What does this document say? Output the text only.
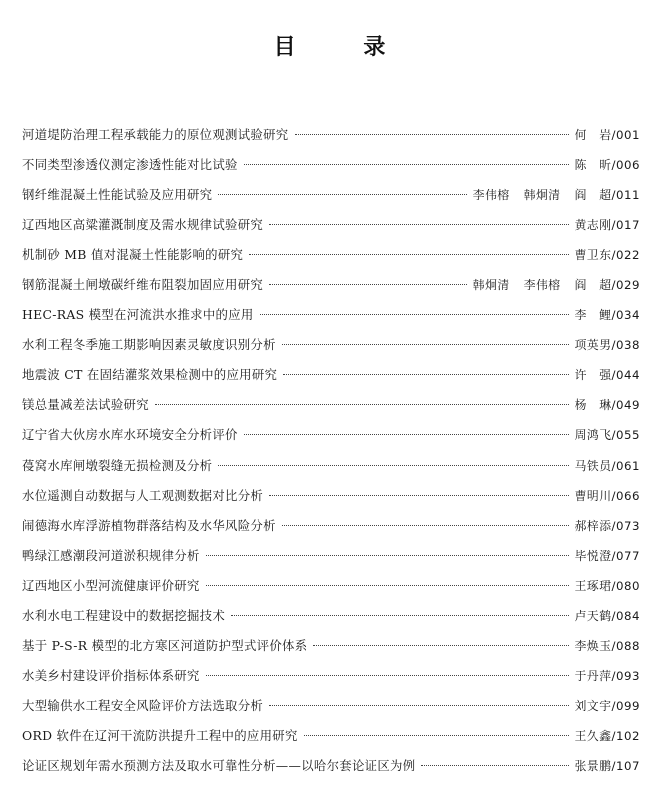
目 录
河道堤防治理工程承载能力的原位观测试验研究	何　岩/001
不同类型渗透仪测定渗透性能对比试验	陈　昕/006
钢纤维混凝土性能试验及应用研究	李伟榕 韩炯清 阎　超/011
辽西地区高粱灌溉制度及需水规律试验研究	黄志刚/017
机制砂 MB 值对混凝土性能影响的研究	曹卫东/022
钢筋混凝土闸墩碳纤维布阻裂加固应用研究	韩炯清 李伟榕 阎　超/029
HEC-RAS 模型在河流洪水推求中的应用	李　鲤/034
水利工程冬季施工期影响因素灵敏度识别分析	项英男/038
地震波 CT 在固结灌浆效果检测中的应用研究	许　强/044
镁总量减差法试验研究	杨　琳/049
辽宁省大伙房水库水环境安全分析评价	周鸿飞/055
葠窝水库闸墩裂缝无损检测及分析	马铁员/061
水位遥测自动数据与人工观测数据对比分析	曹明川/066
闹德海水库浮游植物群落结构及水华风险分析	郝梓添/073
鸭绿江感潮段河道淤积规律分析	毕悦澄/077
辽西地区小型河流健康评价研究	王琢珺/080
水利水电工程建设中的数据挖掘技术	卢天鹤/084
基于 P-S-R 模型的北方寒区河道防护型式评价体系	李焕玉/088
水美乡村建设评价指标体系研究	于丹萍/093
大型输供水工程安全风险评价方法选取分析	刘文宇/099
ORD 软件在辽河干流防洪提升工程中的应用研究	王久鑫/102
论证区规划年需水预测方法及取水可靠性分析——以哈尔套论证区为例	张景鹏/107
